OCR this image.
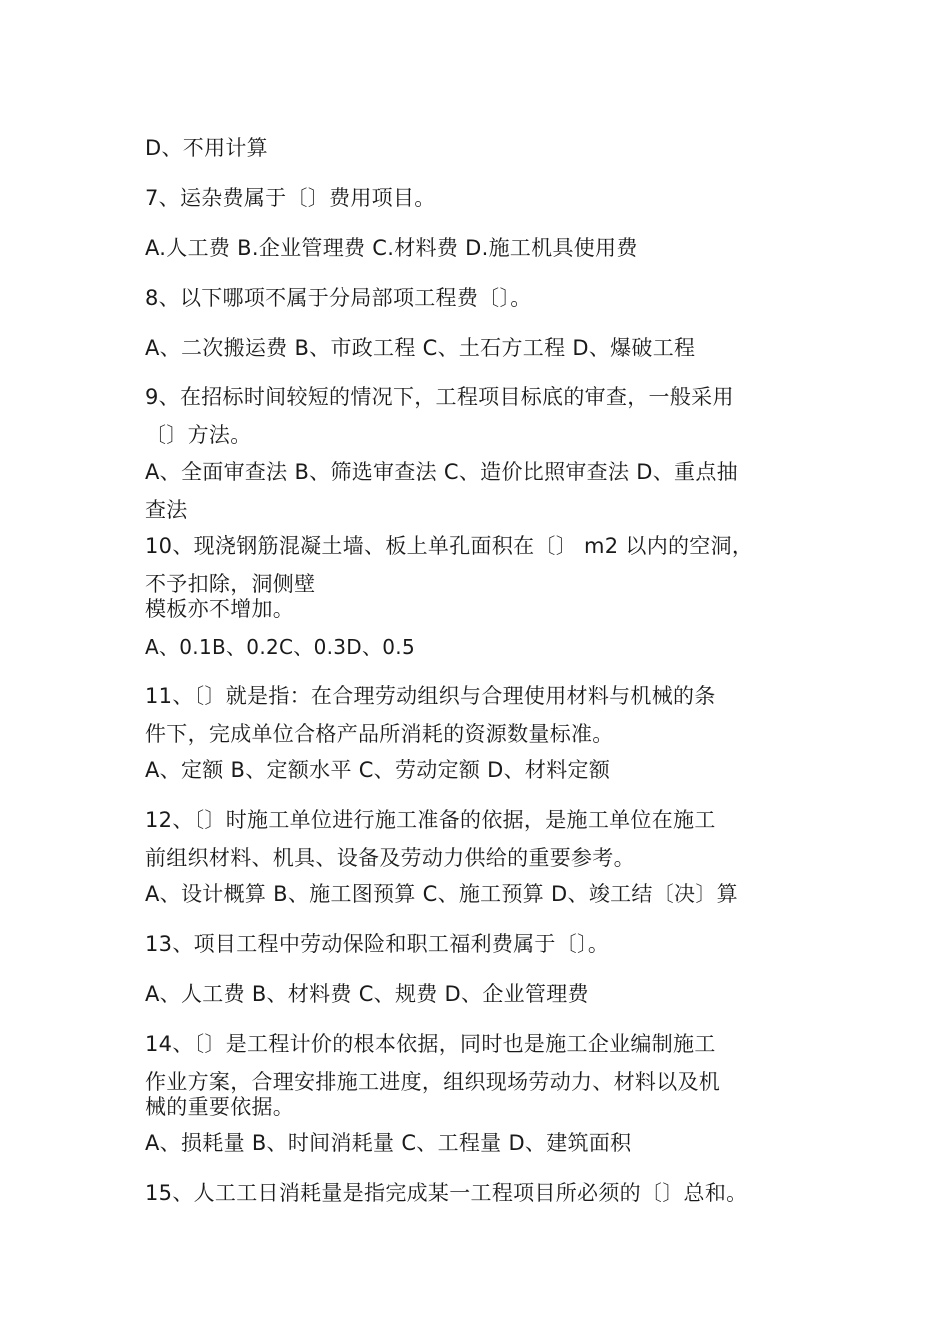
D、不用计算

7、运杂费属于〔〕费用项目。

A.人工费 B.企业管理费 C.材料费 D.施工机具使用费

8、以下哪项不属于分局部项工程费〔〕。

A、二次搬运费 B、市政工程 C、土石方工程 D、爆破工程

9、在招标时间较短的情况下，工程项目标底的审查，一般采用

〔〕方法。

A、全面审查法 B、筛选审查法 C、造价比照审查法 D、重点抽

查法

10、现浇钢筋混凝土墙、板上单孔面积在〔〕 m2 以内的空洞，

不予扣除，洞侧壁

模板亦不增加。

A、0.1B、0.2C、0.3D、0.5

11、〔〕就是指：在合理劳动组织与合理使用材料与机械的条

件下，完成单位合格产品所消耗的资源数量标准。

A、定额 B、定额水平 C、劳动定额 D、材料定额

12、〔〕时施工单位进行施工准备的依据，是施工单位在施工

前组织材料、机具、设备及劳动力供给的重要参考。

A、设计概算 B、施工图预算 C、施工预算 D、竣工结〔决〕算

13、项目工程中劳动保险和职工福利费属于〔〕。

A、人工费 B、材料费 C、规费 D、企业管理费

14、〔〕是工程计价的根本依据，同时也是施工企业编制施工

作业方案，合理安排施工进度，组织现场劳动力、材料以及机

械的重要依据。

A、损耗量 B、时间消耗量 C、工程量 D、建筑面积

15、人工工日消耗量是指完成某一工程项目所必须的〔〕总和。
